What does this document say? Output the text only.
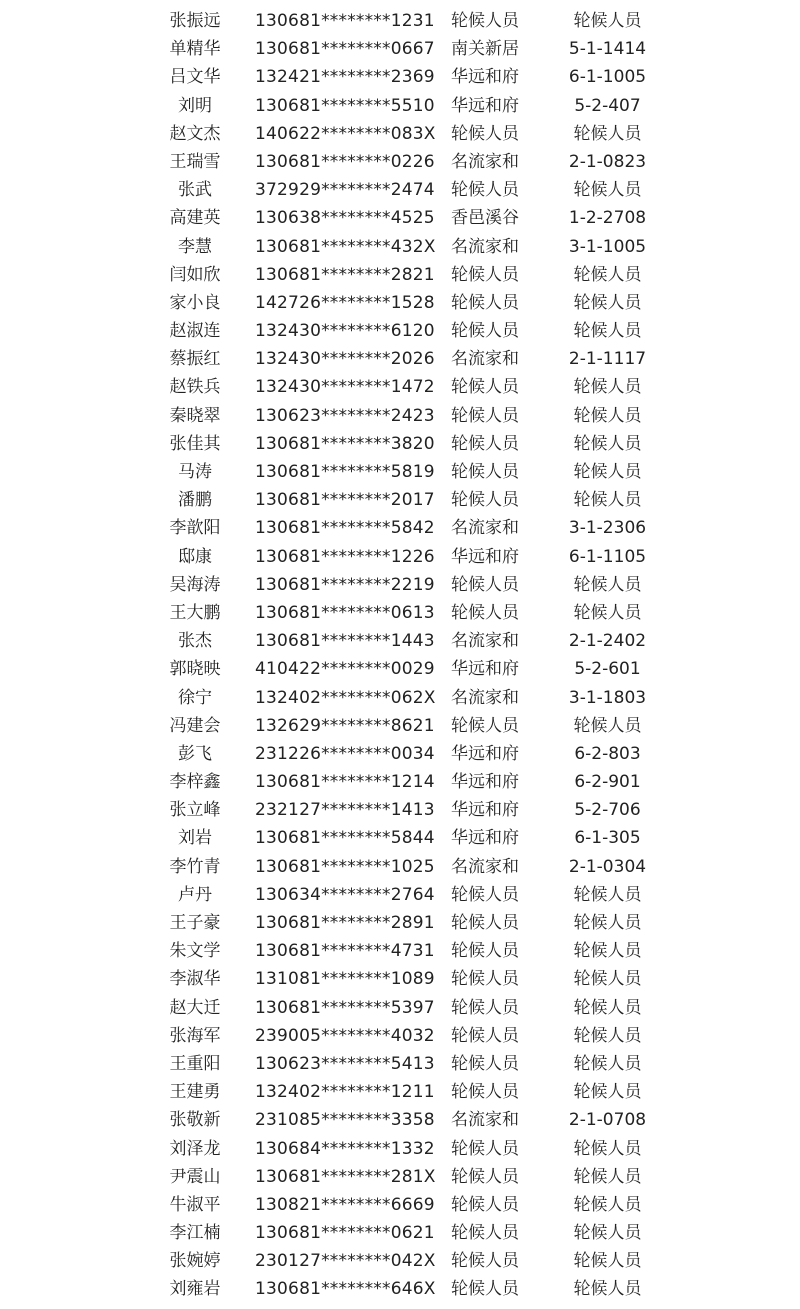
张振远	130681********1231 轮候人员	轮候人员
单精华	130681********0667 南关新居	5-1-1414
吕文华	132421********2369 华远和府	6-1-1005
刘明	130681********5510 华远和府	5-2-407
赵文杰	140622********083X 轮候人员	轮候人员
王瑞雪	130681********0226 名流家和	2-1-0823
张武	372929********2474 轮候人员	轮候人员
高建英	130638********4525 香邑溪谷	1-2-2708
李慧	130681********432X 名流家和	3-1-1005
闫如欣	130681********2821 轮候人员	轮候人员
家小良	142726********1528 轮候人员	轮候人员
赵淑连	132430********6120 轮候人员	轮候人员
蔡振红	132430********2026 名流家和	2-1-1117
赵铁兵	132430********1472 轮候人员	轮候人员
秦晓翠	130623********2423 轮候人员	轮候人员
张佳其	130681********3820 轮候人员	轮候人员
马涛	130681********5819 轮候人员	轮候人员
潘鹏	130681********2017 轮候人员	轮候人员
李歆阳	130681********5842 名流家和	3-1-2306
邸康	130681********1226 华远和府	6-1-1105
吴海涛	130681********2219 轮候人员	轮候人员
王大鹏	130681********0613 轮候人员	轮候人员
张杰	130681********1443 名流家和	2-1-2402
郭晓映	410422********0029 华远和府	5-2-601
徐宁	132402********062X 名流家和	3-1-1803
冯建会	132629********8621 轮候人员	轮候人员
彭飞	231226********0034 华远和府	6-2-803
李梓鑫	130681********1214 华远和府	6-2-901
张立峰	232127********1413 华远和府	5-2-706
刘岩	130681********5844 华远和府	6-1-305
李竹青	130681********1025 名流家和	2-1-0304
卢丹	130634********2764 轮候人员	轮候人员
王子豪	130681********2891 轮候人员	轮候人员
朱文学	130681********4731 轮候人员	轮候人员
李淑华	131081********1089 轮候人员	轮候人员
赵大迁	130681********5397 轮候人员	轮候人员
张海军	239005********4032 轮候人员	轮候人员
王重阳	130623********5413 轮候人员	轮候人员
王建勇	132402********1211 轮候人员	轮候人员
张敬新	231085********3358 名流家和	2-1-0708
刘泽龙	130684********1332 轮候人员	轮候人员
尹震山	130681********281X 轮候人员	轮候人员
牛淑平	130821********6669 轮候人员	轮候人员
李江楠	130681********0621 轮候人员	轮候人员
张婉婷	230127********042X 轮候人员	轮候人员
刘雍岩	130681********646X 轮候人员	轮候人员
